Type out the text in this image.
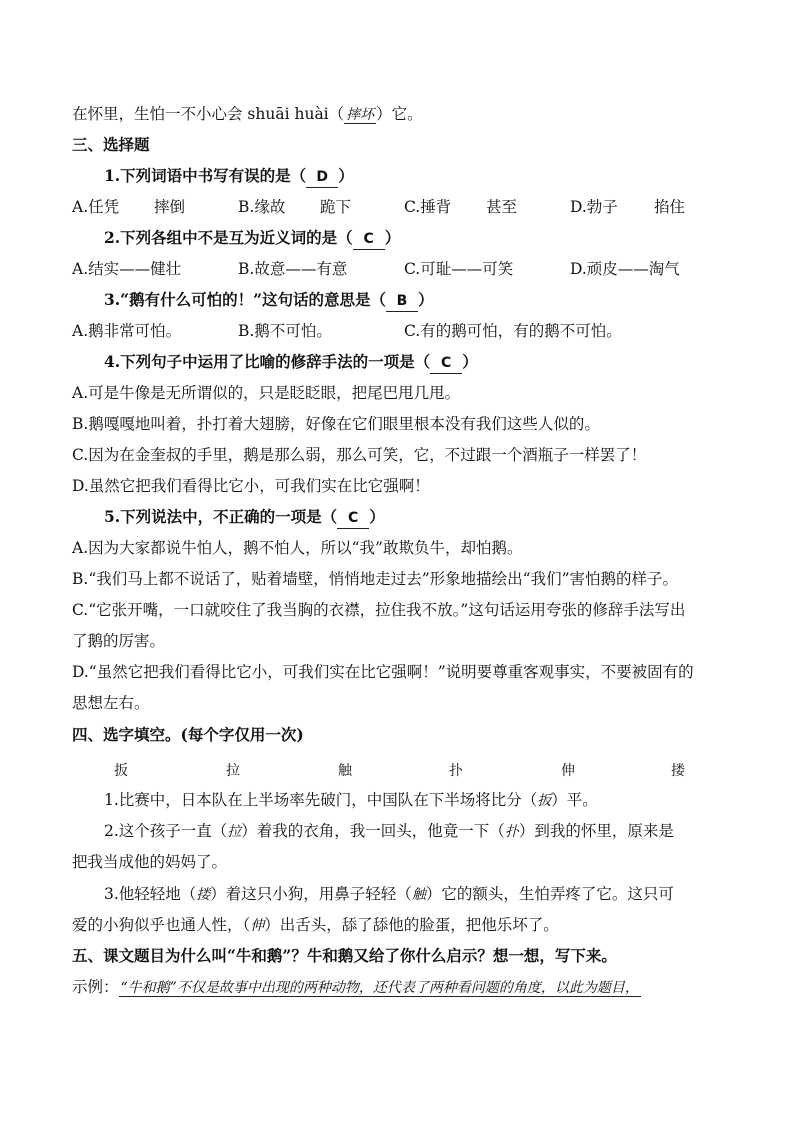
在怀里，生怕一不小心会 shuāi huài（ 摔坏 ）它。
三、选择题
1.下列词语中书写有误的是（ D ）
A.任凭 摔倒	B.缘故 跪下	C.捶背 甚至	D.勃子 掐住
2.下列各组中不是互为近义词的是（ C ）
A.结实——健壮	B.故意——有意	C.可耻——可笑	D.顽皮——淘气
3.“鹅有什么可怕的！”这句话的意思是（ B ）
A.鹅非常可怕。	B.鹅不可怕。	C.有的鹅可怕，有的鹅不可怕。
4.下列句子中运用了比喻的修辞手法的一项是（ C ）
A.可是牛像是无所谓似的，只是眨眨眼，把尾巴甩几甩。
B.鹅嘎嘎地叫着，扑打着大翅膀，好像在它们眼里根本没有我们这些人似的。
C.因为在金奎叔的手里，鹅是那么弱，那么可笑，它，不过跟一个酒瓶子一样罢了！
D.虽然它把我们看得比它小，可我们实在比它强啊！
5.下列说法中，不正确的一项是（ C ）
A.因为大家都说牛怕人，鹅不怕人，所以“我”敢欺负牛，却怕鹅。
B.“我们马上都不说话了，贴着墙壁，悄悄地走过去”形象地描绘出“我们”害怕鹅的样子。
C.“它张开嘴，一口就咬住了我当胸的衣襟，拉住我不放。”这句话运用夸张的修辞手法写出
了鹅的厉害。
D.“虽然它把我们看得比它小，可我们实在比它强啊！”说明要尊重客观事实，不要被固有的
思想左右。
四、选字填空。(每个字仅用一次)
扳	拉	触	扑	伸	搂
1.比赛中，日本队在上半场率先破门，中国队在下半场将比分（扳）平。
2.这个孩子一直（拉）着我的衣角，我一回头，他竟一下（扑）到我的怀里，原来是
把我当成他的妈妈了。
3.他轻轻地（搂）着这只小狗，用鼻子轻轻（触）它的额头，生怕弄疼了它。这只可
爱的小狗似乎也通人性，（伸）出舌头，舔了舔他的脸蛋，把他乐坏了。
五、课文题目为什么叫“牛和鹅”？牛和鹅又给了你什么启示？想一想，写下来。
示例： “牛和鹅”不仅是故事中出现的两种动物，还代表了两种看问题的角度，以此为题目，
